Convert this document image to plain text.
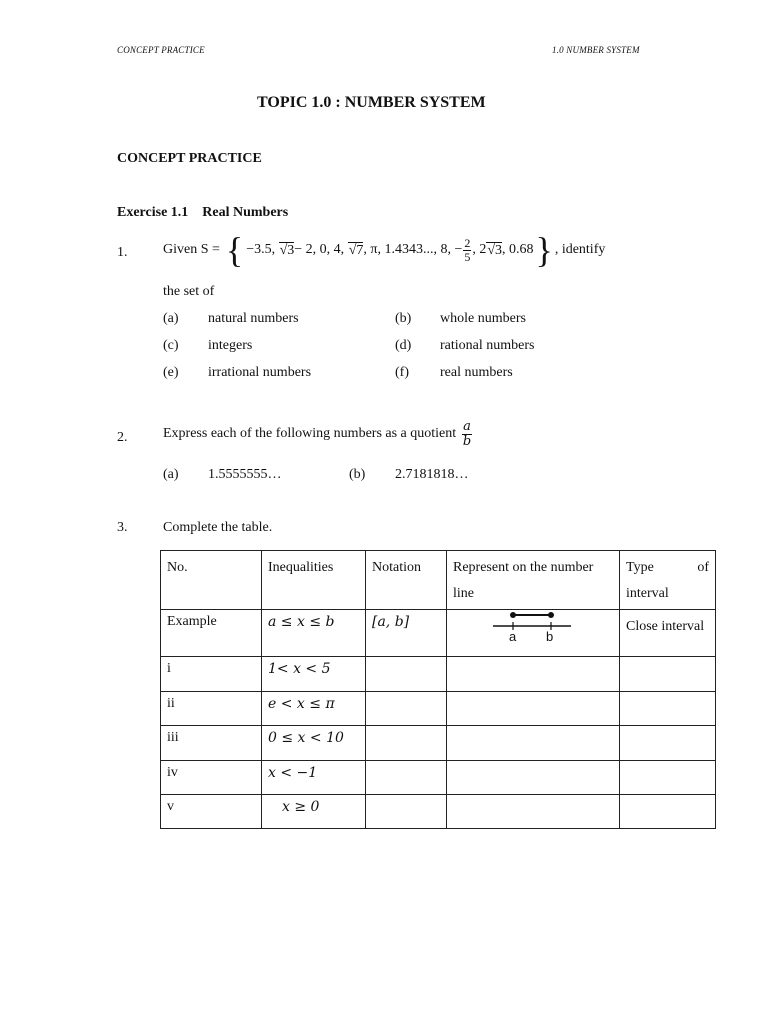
CONCEPT PRACTICE	1.0 NUMBER SYSTEM
TOPIC 1.0 : NUMBER SYSTEM
CONCEPT PRACTICE
Exercise 1.1 Real Numbers
1.	Given S = { −3.5,
√3 − 2, 0, 4,
√7 , π, 1.4343..., 8, − $\frac{2}{5}$ , 2 √3 , 0.68 } , identify
the set of
(a) natural numbers	(b) whole numbers
(c) integers	(d) rational numbers
(e) irrational numbers	(f) real numbers
2.	Express each of the following numbers as a quotient $\frac{a}{b}$
(a) 1.5555555…	(b) 2.7181818…
3.	Complete the table.
No.	Inequalities	Notation	Represent on the number line	Type of interval
Example	a ≤ x ≤ b	[a, b]	a b	Close interval
i	1< x < 5			
ii	e < x ≤ π			
iii	0 ≤ x < 10			
iv	x < −1			
v	x ≥ 0			
